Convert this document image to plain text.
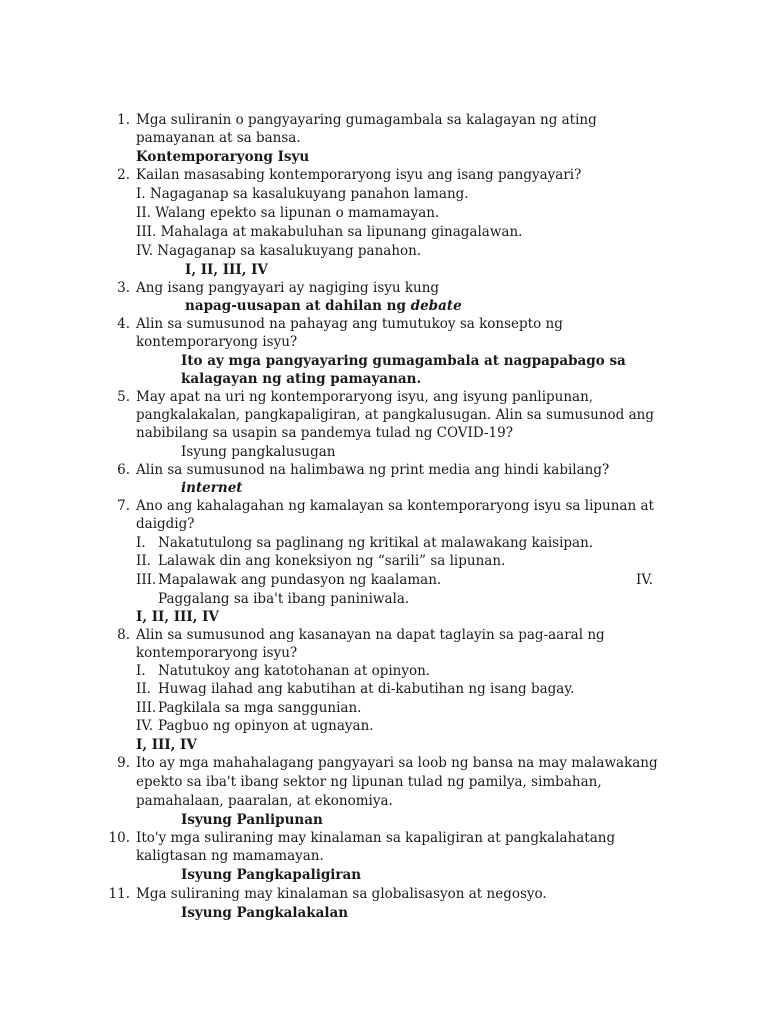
1. Mga suliranin o pangyayaring gumagambala sa kalagayan ng ating
pamayanan at sa bansa.
Kontemporaryong Isyu
2. Kailan masasabing kontemporaryong isyu ang isang pangyayari?
I. Nagaganap sa kasalukuyang panahon lamang.
II. Walang epekto sa lipunan o mamamayan.
III. Mahalaga at makabuluhan sa lipunang ginagalawan.
IV. Nagaganap sa kasalukuyang panahon.
I, II, III, IV
3. Ang isang pangyayari ay nagiging isyu kung
napag-uusapan at dahilan ng debate
4. Alin sa sumusunod na pahayag ang tumutukoy sa konsepto ng
kontemporaryong isyu?
Ito ay mga pangyayaring gumagambala at nagpapabago sa
kalagayan ng ating pamayanan.
5. May apat na uri ng kontemporaryong isyu, ang isyung panlipunan,
pangkalakalan, pangkapaligiran, at pangkalusugan. Alin sa sumusunod ang
nabibilang sa usapin sa pandemya tulad ng COVID-19?
Isyung pangkalusugan
6. Alin sa sumusunod na halimbawa ng print media ang hindi kabilang?
internet
7. Ano ang kahalagahan ng kamalayan sa kontemporaryong isyu sa lipunan at
daigdig?
I. Nakatutulong sa paglinang ng kritikal at malawakang kaisipan.
II. Lalawak din ang koneksiyon ng “sarili” sa lipunan.
III. Mapalawak ang pundasyon ng kaalaman.	IV.
Paggalang sa iba't ibang paniniwala.
I, II, III, IV
8. Alin sa sumusunod ang kasanayan na dapat taglayin sa pag-aaral ng
kontemporaryong isyu?
I. Natutukoy ang katotohanan at opinyon.
II. Huwag ilahad ang kabutihan at di-kabutihan ng isang bagay.
III. Pagkilala sa mga sanggunian.
IV. Pagbuo ng opinyon at ugnayan.
I, III, IV
9. Ito ay mga mahahalagang pangyayari sa loob ng bansa na may malawakang
epekto sa iba't ibang sektor ng lipunan tulad ng pamilya, simbahan,
pamahalaan, paaralan, at ekonomiya.
Isyung Panlipunan
10. Ito'y mga suliraning may kinalaman sa kapaligiran at pangkalahatang
kaligtasan ng mamamayan.
Isyung Pangkapaligiran
11. Mga suliraning may kinalaman sa globalisasyon at negosyo.
Isyung Pangkalakalan
